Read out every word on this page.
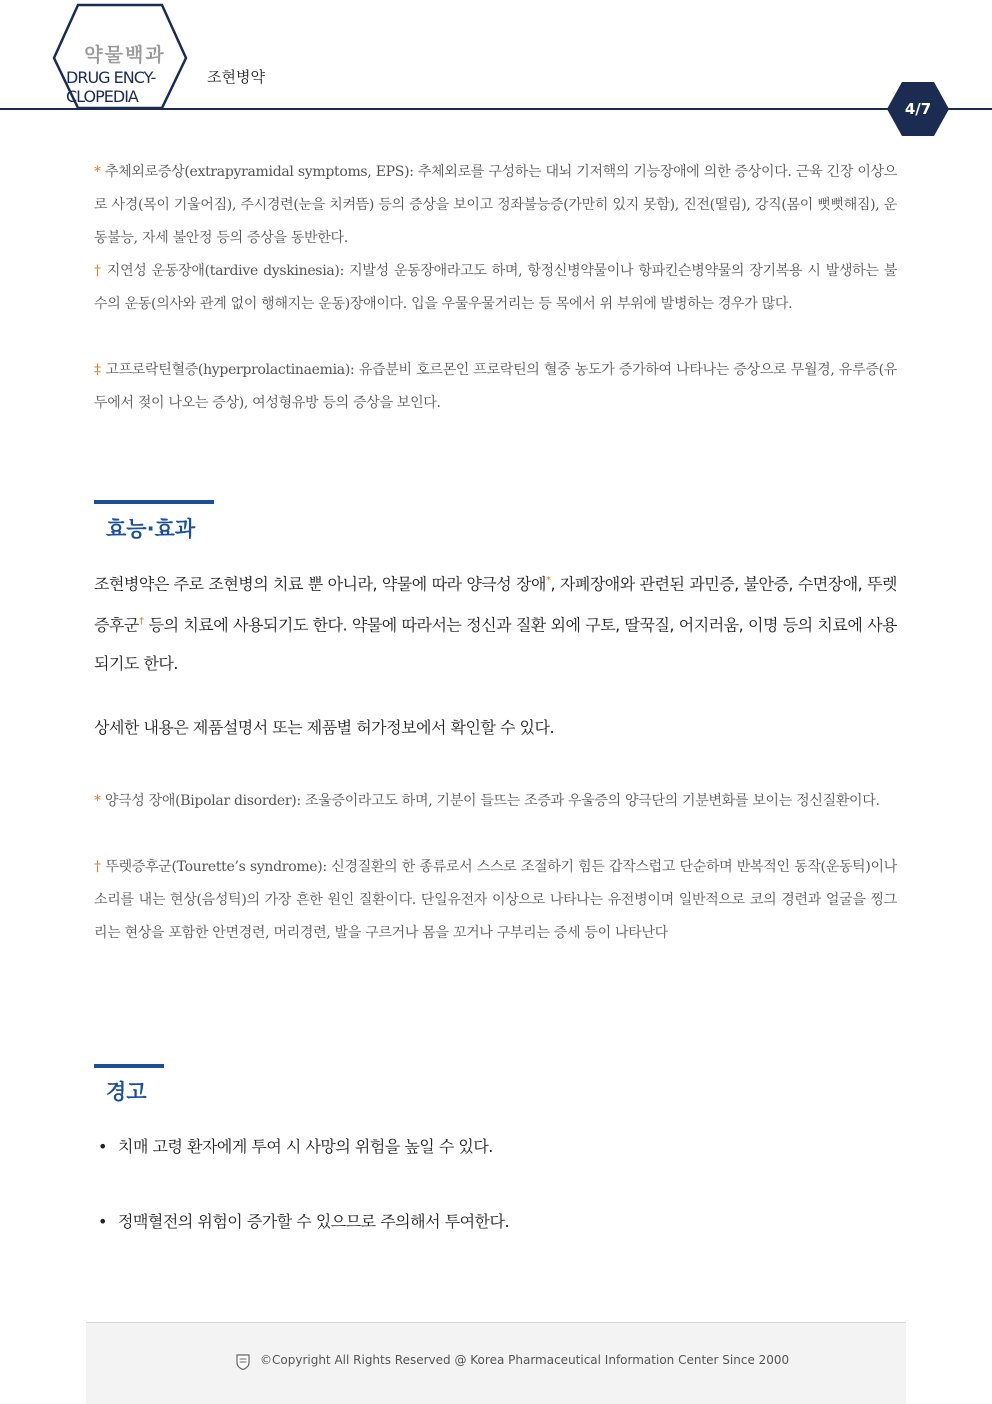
약물백과
DRUG ENCY-
CLOPEDIA
조현병약
4/7
* 추체외로증상(extrapyramidal symptoms, EPS): 추체외로를 구성하는 대뇌 기저핵의 기능장애에 의한 증상이다. 근육 긴장 이상으로 사경(목이 기울어짐), 주시경련(눈을 치켜뜸) 등의 증상을 보이고 정좌불능증(가만히 있지 못함), 진전(떨림), 강직(몸이 뻣뻣해짐), 운동불능, 자세 불안정 등의 증상을 동반한다.
† 지연성 운동장애(tardive dyskinesia): 지발성 운동장애라고도 하며, 항정신병약물이나 항파킨슨병약물의 장기복용 시 발생하는 불수의 운동(의사와 관계 없이 행해지는 운동)장애이다. 입을 우물우물거리는 등 목에서 위 부위에 발병하는 경우가 많다.
‡ 고프로락틴혈증(hyperprolactinaemia): 유즙분비 호르몬인 프로락틴의 혈중 농도가 증가하여 나타나는 증상으로 무월경, 유루증(유두에서 젖이 나오는 증상), 여성형유방 등의 증상을 보인다.
효능·효과
조현병약은 주로 조현병의 치료 뿐 아니라, 약물에 따라 양극성 장애*, 자폐장애와 관련된 과민증, 불안증, 수면장애, 뚜렛증후군† 등의 치료에 사용되기도 한다. 약물에 따라서는 정신과 질환 외에 구토, 딸꾹질, 어지러움, 이명 등의 치료에 사용되기도 한다.
상세한 내용은 제품설명서 또는 제품별 허가정보에서 확인할 수 있다.
* 양극성 장애(Bipolar disorder): 조울증이라고도 하며, 기분이 들뜨는 조증과 우울증의 양극단의 기분변화를 보이는 정신질환이다.
† 뚜렛증후군(Tourette’s syndrome): 신경질환의 한 종류로서 스스로 조절하기 힘든 갑작스럽고 단순하며 반복적인 동작(운동틱)이나 소리를 내는 현상(음성틱)의 가장 흔한 원인 질환이다. 단일유전자 이상으로 나타나는 유전병이며 일반적으로 코의 경련과 얼굴을 찡그리는 현상을 포함한 안면경련, 머리경련, 발을 구르거나 몸을 꼬거나 구부리는 증세 등이 나타난다
경고
• 치매 고령 환자에게 투여 시 사망의 위험을 높일 수 있다.
• 정맥혈전의 위험이 증가할 수 있으므로 주의해서 투여한다.
©Copyright All Rights Reserved @ Korea Pharmaceutical Information Center Since 2000
